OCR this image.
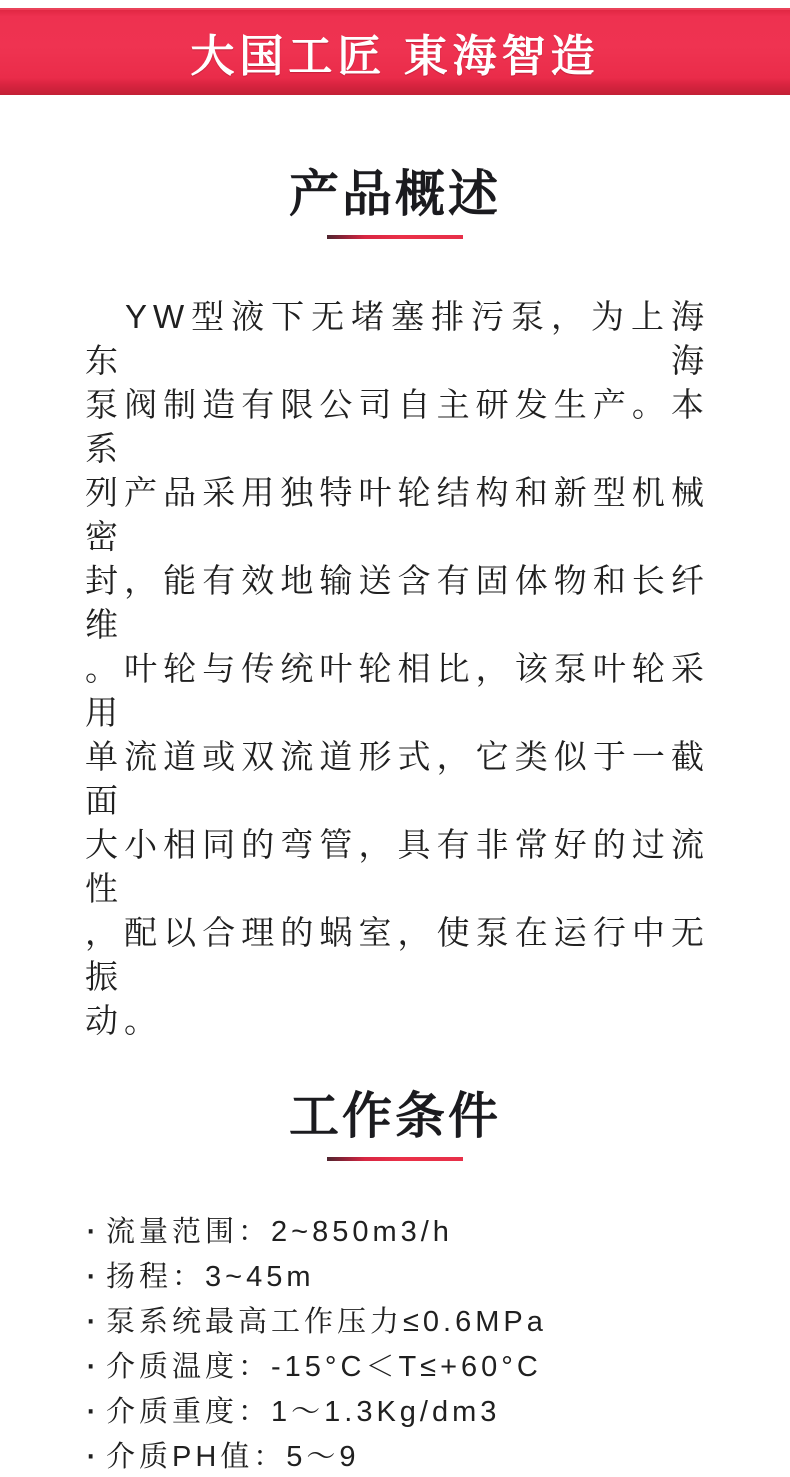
大国工匠 東海智造
产品概述
YW型液下无堵塞排污泵，为上海东海
泵阀制造有限公司自主研发生产。本系
列产品采用独特叶轮结构和新型机械密
封，能有效地输送含有固体物和长纤维
。叶轮与传统叶轮相比，该泵叶轮采用
单流道或双流道形式，它类似于一截面
大小相同的弯管，具有非常好的过流性
，配以合理的蜗室，使泵在运行中无振
动。
工作条件
· 流量范围：2~850m3/h
· 扬程：3~45m
· 泵系统最高工作压力≤0.6MPa
· 介质温度：-15°C＜T≤+60°C
· 介质重度：1～1.3Kg/dm3
· 介质PH值：5～9
